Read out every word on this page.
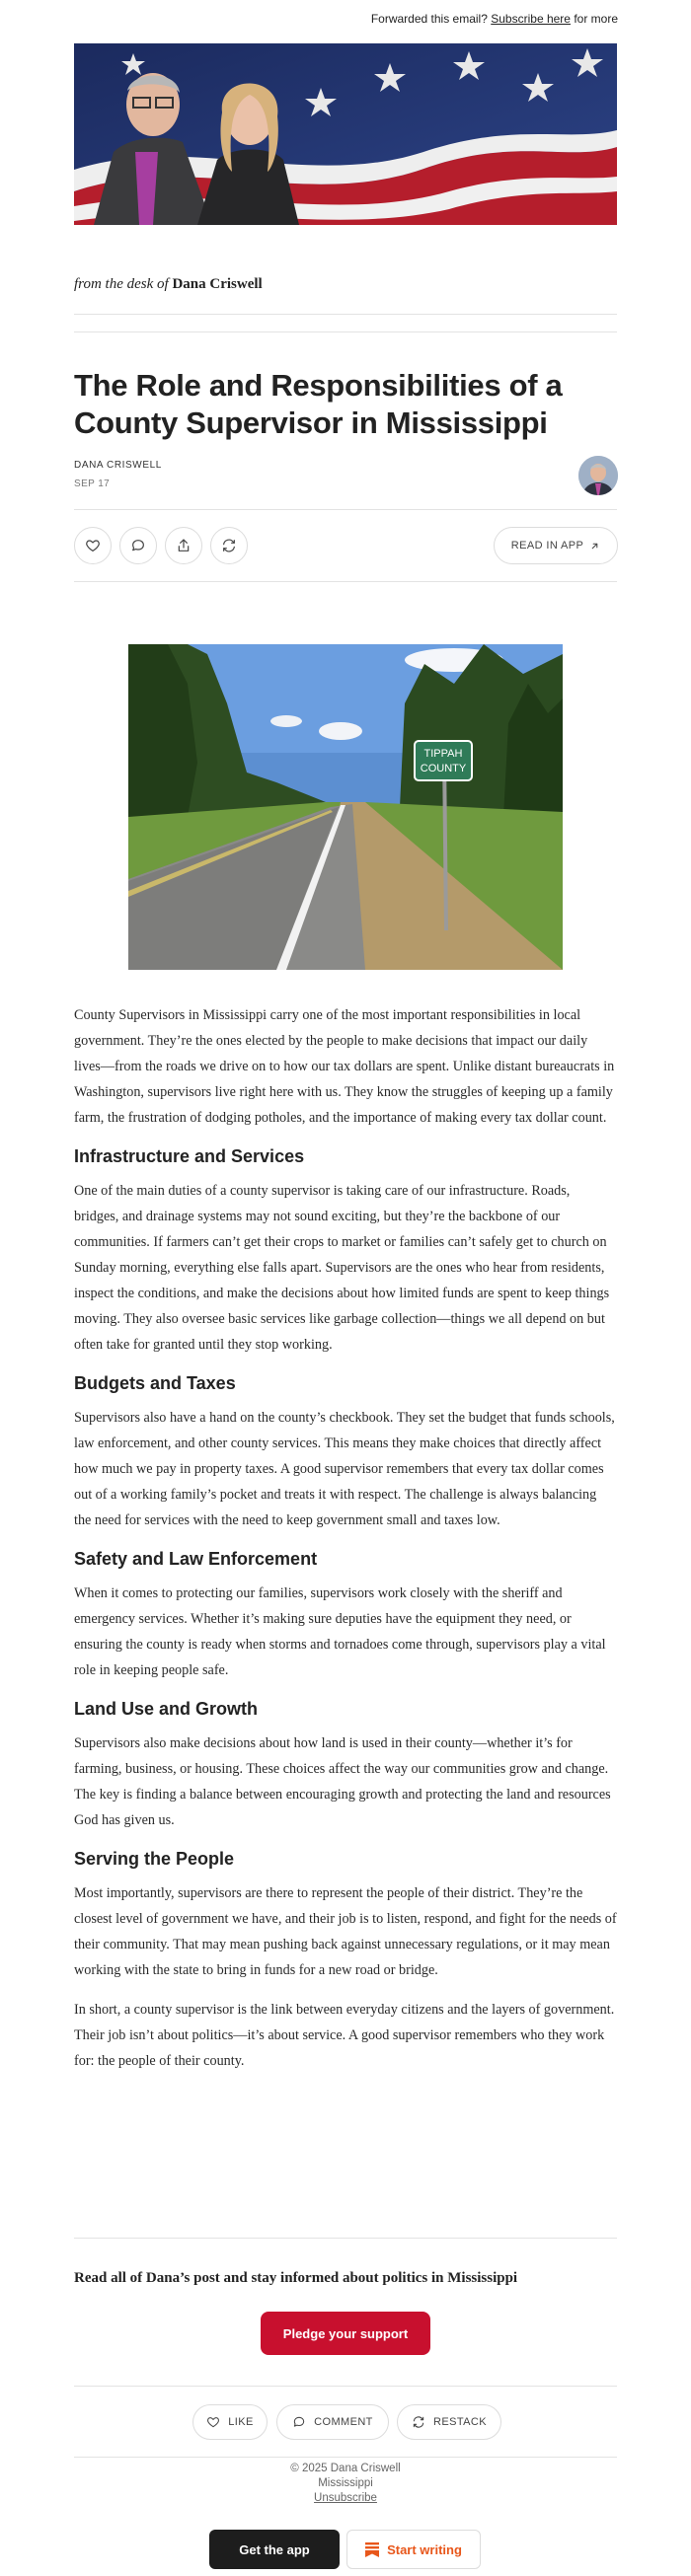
Forwarded this email? Subscribe here for more
from the desk of Dana Criswell
The Role and Responsibilities of a County Supervisor in Mississippi
DANA CRISWELL
SEP 17
READ IN APP
TIPPAH
COUNTY

County Supervisors in Mississippi carry one of the most important responsibilities in local government. They’re the ones elected by the people to make decisions that impact our daily lives—from the roads we drive on to how our tax dollars are spent. Unlike distant bureaucrats in Washington, supervisors live right here with us. They know the struggles of keeping up a family farm, the frustration of dodging potholes, and the importance of making every tax dollar count.

Infrastructure and Services

One of the main duties of a county supervisor is taking care of our infrastructure. Roads, bridges, and drainage systems may not sound exciting, but they’re the backbone of our communities. If farmers can’t get their crops to market or families can’t safely get to church on Sunday morning, everything else falls apart. Supervisors are the ones who hear from residents, inspect the conditions, and make the decisions about how limited funds are spent to keep things moving. They also oversee basic services like garbage collection—things we all depend on but often take for granted until they stop working.

Budgets and Taxes

Supervisors also have a hand on the county’s checkbook. They set the budget that funds schools, law enforcement, and other county services. This means they make choices that directly affect how much we pay in property taxes. A good supervisor remembers that every tax dollar comes out of a working family’s pocket and treats it with respect. The challenge is always balancing the need for services with the need to keep government small and taxes low.

Safety and Law Enforcement

When it comes to protecting our families, supervisors work closely with the sheriff and emergency services. Whether it’s making sure deputies have the equipment they need, or ensuring the county is ready when storms and tornadoes come through, supervisors play a vital role in keeping people safe.

Land Use and Growth

Supervisors also make decisions about how land is used in their county—whether it’s for farming, business, or housing. These choices affect the way our communities grow and change. The key is finding a balance between encouraging growth and protecting the land and resources God has given us.

Serving the People

Most importantly, supervisors are there to represent the people of their district. They’re the closest level of government we have, and their job is to listen, respond, and fight for the needs of their community. That may mean pushing back against unnecessary regulations, or it may mean working with the state to bring in funds for a new road or bridge.

In short, a county supervisor is the link between everyday citizens and the layers of government. Their job isn’t about politics—it’s about service. A good supervisor remembers who they work for: the people of their county.

Read all of Dana’s post and stay informed about politics in Mississippi
Pledge your support
LIKE	COMMENT	RESTACK
© 2025 Dana Criswell
Mississippi
Unsubscribe
Get the app	Start writing
